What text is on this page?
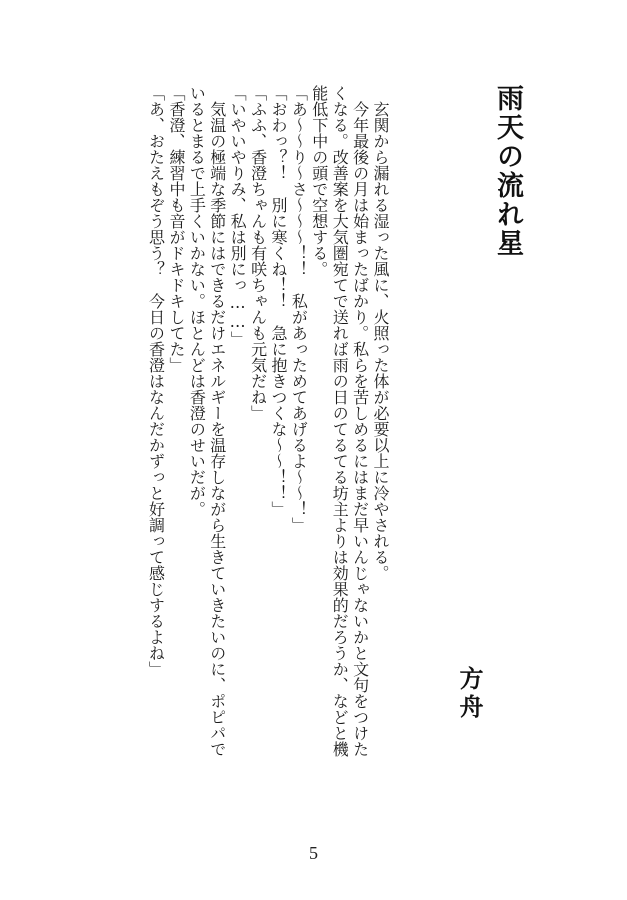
雨天の流れ星
方舟

玄関から漏れる湿った風に、火照った体が必要以上に冷やされる。

今年最後の月は始まったばかり。私らを苦しめるにはまだ早いんじゃないかと文句をつけたくなる。改善案を大気圏宛てで送れば雨の日のてるてる坊主よりは効果的だろうか、などと機能低下中の頭で空想する。

「あ～～り～さ～～～！！　私があっためてあげるよ～～！」

「おわっ？！　別に寒くね！！　急に抱きつくな～～！！」

「ふふ、香澄ちゃんも有咲ちゃんも元気だね」

「いやいやりみ、私は別にっ……」

気温の極端な季節にはできるだけエネルギーを温存しながら生きていきたいのに、ポピパでいるとまるで上手くいかない。ほとんどは香澄のせいだが。

「香澄、練習中も音がドキドキしてた」

「あ、おたえもぞう思う？　今日の香澄はなんだかずっと好調って感じするよね」

5
